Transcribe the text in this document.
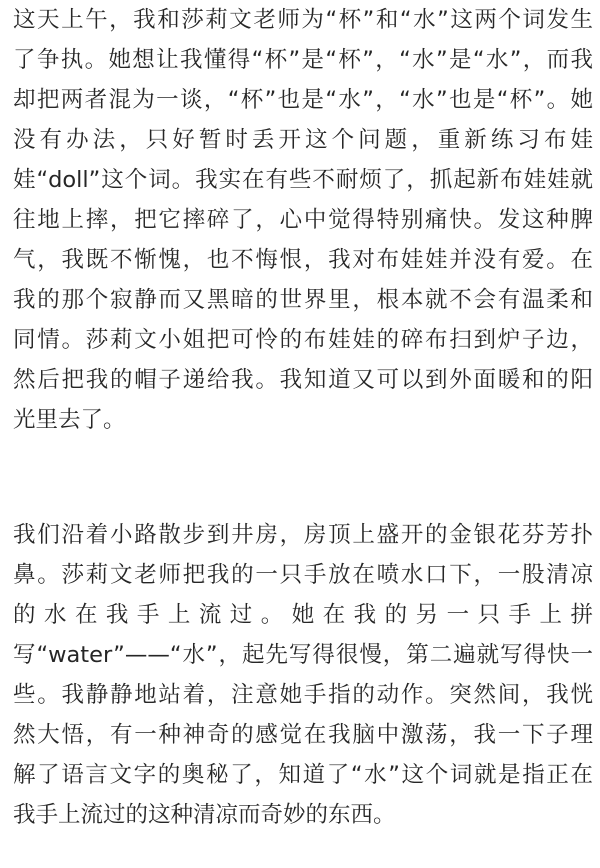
这天上午，我和莎莉文老师为“杯”和“水”这两个词发生
了争执。她想让我懂得“杯”是“杯”，“水”是“水”，而我
却把两者混为一谈，“杯”也是“水”，“水”也是“杯”。她
没有办法，只好暂时丢开这个问题，重新练习布娃
娃“doll”这个词。我实在有些不耐烦了，抓起新布娃娃就
往地上摔，把它摔碎了，心中觉得特别痛快。发这种脾
气，我既不惭愧，也不悔恨，我对布娃娃并没有爱。在
我的那个寂静而又黑暗的世界里，根本就不会有温柔和
同情。莎莉文小姐把可怜的布娃娃的碎布扫到炉子边，
然后把我的帽子递给我。我知道又可以到外面暖和的阳
光里去了。
我们沿着小路散步到井房，房顶上盛开的金银花芬芳扑
鼻。莎莉文老师把我的一只手放在喷水口下，一股清凉
的水在我手上流过。她在我的另一只手上拼
写“water”——“水”，起先写得很慢，第二遍就写得快一
些。我静静地站着，注意她手指的动作。突然间，我恍
然大悟，有一种神奇的感觉在我脑中激荡，我一下子理
解了语言文字的奥秘了，知道了“水”这个词就是指正在
我手上流过的这种清凉而奇妙的东西。
